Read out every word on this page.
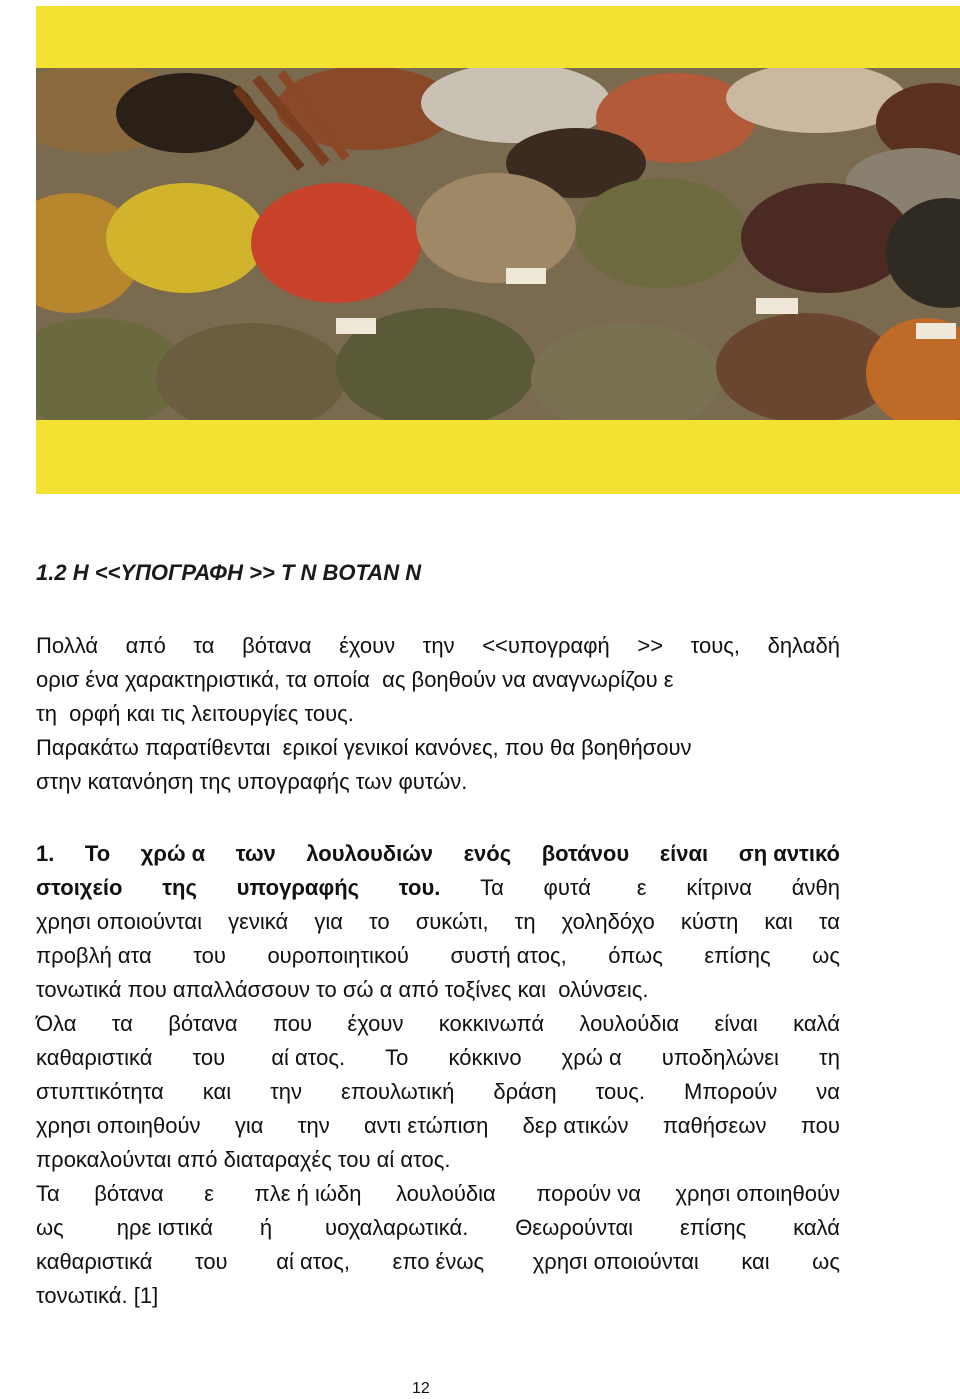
1.2 Η <<ΥΠΟΓΡΑΦΗ >> Τ Ν ΒΟΤΑΝ Ν
Πολλά από τα βότανα έχουν την <<υπογραφή >> τους, δηλαδή
ορισ ένα χαρακτηριστικά, τα οποία  ας βοηθούν να αναγνωρίζου ε
τη  ορφή και τις λειτουργίες τους.
Παρακάτω παρατίθενται  ερικοί γενικοί κανόνες, που θα βοηθήσουν
στην κατανόηση της υπογραφής των φυτών.
1. Το χρώ α των λουλουδιών ενός βοτάνου είναι ση αντικό
στοιχείο της υπογραφής του. Τα φυτά ε κίτρινα άνθη
χρησι οποιούνται γενικά για το συκώτι, τη χοληδόχο κύστη και τα
προβλή ατα του ουροποιητικού συστή ατος, όπως επίσης ως
τονωτικά που απαλλάσσουν το σώ α από τοξίνες και  ολύνσεις.
Όλα τα βότανα που έχουν κοκκινωπά λουλούδια είναι καλά
καθαριστικά του αί ατος. Το κόκκινο χρώ α υποδηλώνει τη
στυπτικότητα και την επουλωτική δράση τους. Μπορούν να
χρησι οποιηθούν για την αντι ετώπιση δερ ατικών παθήσεων που
προκαλούνται από διαταραχές του αί ατος.
Τα βότανα ε πλε ή ιώδη λουλούδια πορούν να χρησι οποιηθούν
ως ηρε ιστικά ή υοχαλαρωτικά. Θεωρούνται επίσης καλά
καθαριστικά του αί ατος, επο ένως χρησι οποιούνται και ως
τονωτικά. [1]
12
